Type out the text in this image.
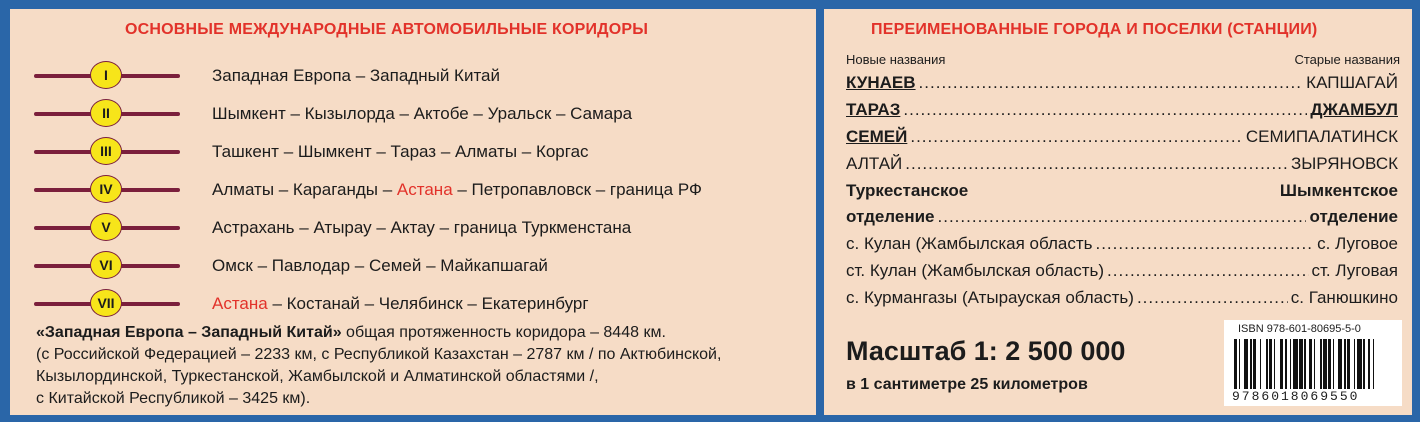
ОСНОВНЫЕ МЕЖДУНАРОДНЫЕ АВТОМОБИЛЬНЫЕ КОРИДОРЫ
I	Западная Европа – Западный Китай
II	Шымкент – Кызылорда – Актобе – Уральск – Самара
III	Ташкент – Шымкент – Тараз – Алматы – Коргас
IV	Алматы – Караганды – Астана – Петропавловск – граница РФ
V	Астрахань – Атырау – Актау – граница Туркменстана
VI	Омск – Павлодар – Семей – Майкапшагай
VII	Астана – Костанай – Челябинск – Екатеринбург
«Западная Европа – Западный Китай» общая протяженность коридора – 8448 км.
(с Российской Федерацией – 2233 км, с Республикой Казахстан – 2787 км / по Актюбинской,
Кызылординской, Туркестанской, Жамбылской и Алматинской областями /,
с Китайской Республикой – 3425 км).
ПЕРЕИМЕНОВАННЫЕ ГОРОДА И ПОСЕЛКИ (СТАНЦИИ)
Новые названия	Старые названия
КУНАЕВ .....	КАПШАГАЙ
ТАРАЗ .....	ДЖАМБУЛ
СЕМЕЙ .....	СЕМИПАЛАТИНСК
АЛТАЙ .....	ЗЫРЯНОВСК
Туркестанское	Шымкентское
отделение .....	отделение
с. Кулан (Жамбылская область .....	с. Луговое
ст. Кулан (Жамбылская область) .....	ст. Луговая
с. Курмангазы (Атырауская область) .....	с. Ганюшкино
Масштаб 1: 2 500 000
в 1 сантиметре 25 километров
ISBN 978-601-80695-5-0
9786018069550
